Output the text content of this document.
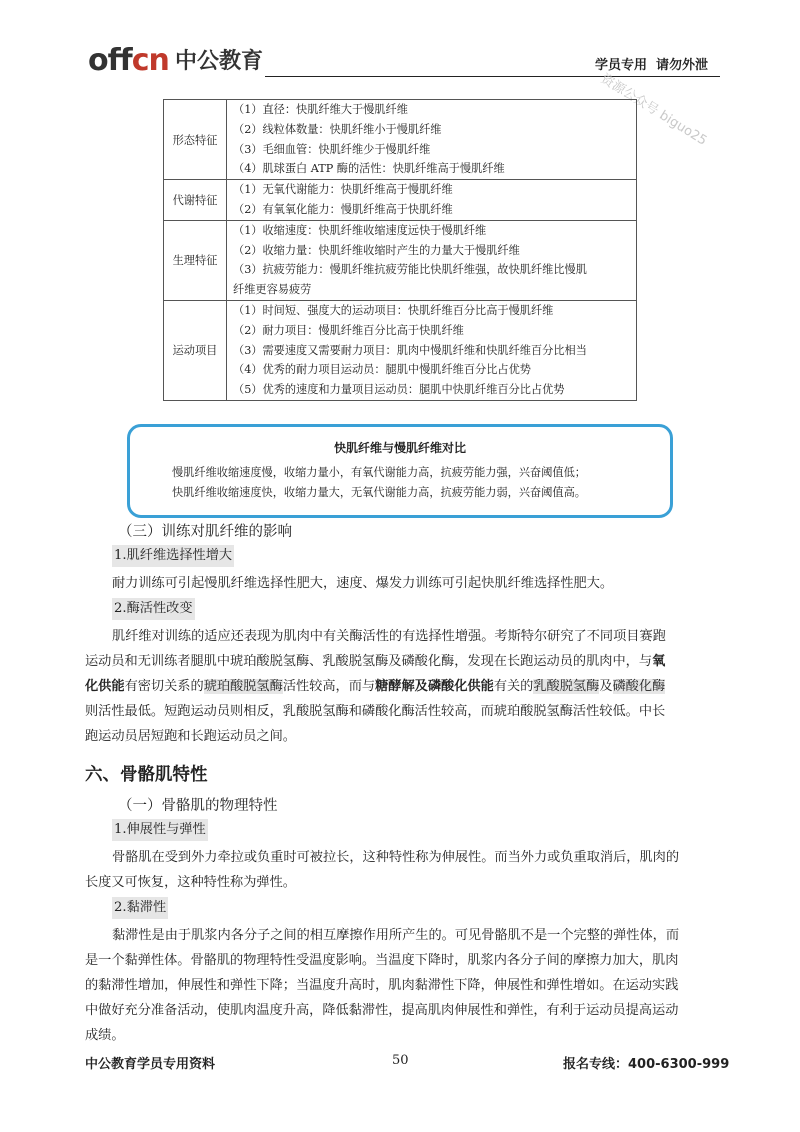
offcn 中公教育	学员专用  请勿外泄
资源公众号 biguo25
形态特征	（1）直径：快肌纤维大于慢肌纤维
（2）线粒体数量：快肌纤维小于慢肌纤维
（3）毛细血管：快肌纤维少于慢肌纤维
（4）肌球蛋白 ATP 酶的活性：快肌纤维高于慢肌纤维

代谢特征	（1）无氧代谢能力：快肌纤维高于慢肌纤维
（2）有氧氧化能力：慢肌纤维高于快肌纤维

生理特征	（1）收缩速度：快肌纤维收缩速度远快于慢肌纤维
（2）收缩力量：快肌纤维收缩时产生的力量大于慢肌纤维
（3）抗疲劳能力：慢肌纤维抗疲劳能比快肌纤维强，故快肌纤维比慢肌
纤维更容易疲劳

运动项目	（1）时间短、强度大的运动项目：快肌纤维百分比高于慢肌纤维
（2）耐力项目：慢肌纤维百分比高于快肌纤维
（3）需要速度又需要耐力项目：肌肉中慢肌纤维和快肌纤维百分比相当
（4）优秀的耐力项目运动员：腿肌中慢肌纤维百分比占优势
（5）优秀的速度和力量项目运动员：腿肌中快肌纤维百分比占优势
快肌纤维与慢肌纤维对比
慢肌纤维收缩速度慢，收缩力量小，有氧代谢能力高，抗疲劳能力强，兴奋阈值低；
快肌纤维收缩速度快，收缩力量大，无氧代谢能力高，抗疲劳能力弱，兴奋阈值高。
（三）训练对肌纤维的影响
1.肌纤维选择性增大
耐力训练可引起慢肌纤维选择性肥大，速度、爆发力训练可引起快肌纤维选择性肥大。
2.酶活性改变
肌纤维对训练的适应还表现为肌肉中有关酶活性的有选择性增强。考斯特尔研究了不同项目赛跑
运动员和无训练者腿肌中琥珀酸脱氢酶、乳酸脱氢酶及磷酸化酶，发现在长跑运动员的肌肉中，与氧
化供能有密切关系的琥珀酸脱氢酶活性较高，而与糖酵解及磷酸化供能有关的乳酸脱氢酶及磷酸化酶
则活性最低。短跑运动员则相反，乳酸脱氢酶和磷酸化酶活性较高，而琥珀酸脱氢酶活性较低。中长
跑运动员居短跑和长跑运动员之间。
六、骨骼肌特性
（一）骨骼肌的物理特性
1.伸展性与弹性
骨骼肌在受到外力牵拉或负重时可被拉长，这种特性称为伸展性。而当外力或负重取消后，肌肉的
长度又可恢复，这种特性称为弹性。
2.黏滞性
黏滞性是由于肌浆内各分子之间的相互摩擦作用所产生的。可见骨骼肌不是一个完整的弹性体，而
是一个黏弹性体。骨骼肌的物理特性受温度影响。当温度下降时，肌浆内各分子间的摩擦力加大，肌肉
的黏滞性增加，伸展性和弹性下降；当温度升高时，肌肉黏滞性下降，伸展性和弹性增如。在运动实践
中做好充分准备活动，使肌肉温度升高，降低黏滞性，提高肌肉伸展性和弹性，有利于运动员提高运动
成绩。
中公教育学员专用资料	50	报名专线：400-6300-999
